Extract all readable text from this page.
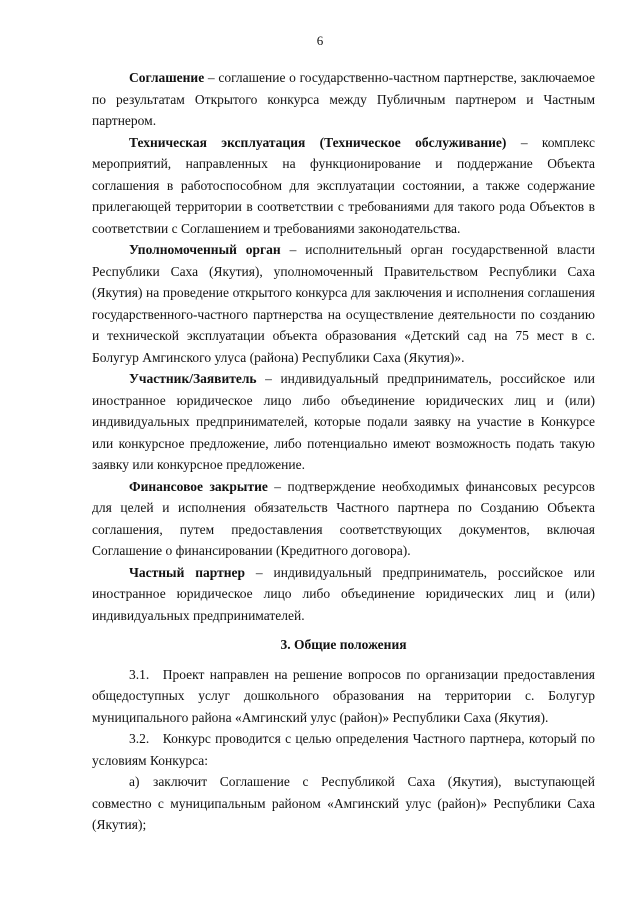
6

Соглашение – соглашение о государственно-частном партнерстве, заключаемое по результатам Открытого конкурса между Публичным партнером и Частным партнером.

Техническая эксплуатация (Техническое обслуживание) – комплекс мероприятий, направленных на функционирование и поддержание Объекта соглашения в работоспособном для эксплуатации состоянии, а также содержание прилегающей территории в соответствии с требованиями для такого рода Объектов в соответствии с Соглашением и требованиями законодательства.

Уполномоченный орган – исполнительный орган государственной власти Республики Саха (Якутия), уполномоченный Правительством Республики Саха (Якутия) на проведение открытого конкурса для заключения и исполнения соглашения государственного-частного партнерства на осуществление деятельности по созданию и технической эксплуатации объекта образования «Детский сад на 75 мест в с. Болугур Амгинского улуса (района) Республики Саха (Якутия)».

Участник/Заявитель – индивидуальный предприниматель, российское или иностранное юридическое лицо либо объединение юридических лиц и (или) индивидуальных предпринимателей, которые подали заявку на участие в Конкурсе или конкурсное предложение, либо потенциально имеют возможность подать такую заявку или конкурсное предложение.

Финансовое закрытие – подтверждение необходимых финансовых ресурсов для целей и исполнения обязательств Частного партнера по Созданию Объекта соглашения, путем предоставления соответствующих документов, включая Соглашение о финансировании (Кредитного договора).

Частный партнер – индивидуальный предприниматель, российское или иностранное юридическое лицо либо объединение юридических лиц и (или) индивидуальных предпринимателей.

3. Общие положения

3.1. Проект направлен на решение вопросов по организации предоставления общедоступных услуг дошкольного образования на территории с. Болугур муниципального района «Амгинский улус (район)» Республики Саха (Якутия).

3.2. Конкурс проводится с целью определения Частного партнера, который по условиям Конкурса:

а) заключит Соглашение с Республикой Саха (Якутия), выступающей совместно с муниципальным районом «Амгинский улус (район)» Республики Саха (Якутия);
